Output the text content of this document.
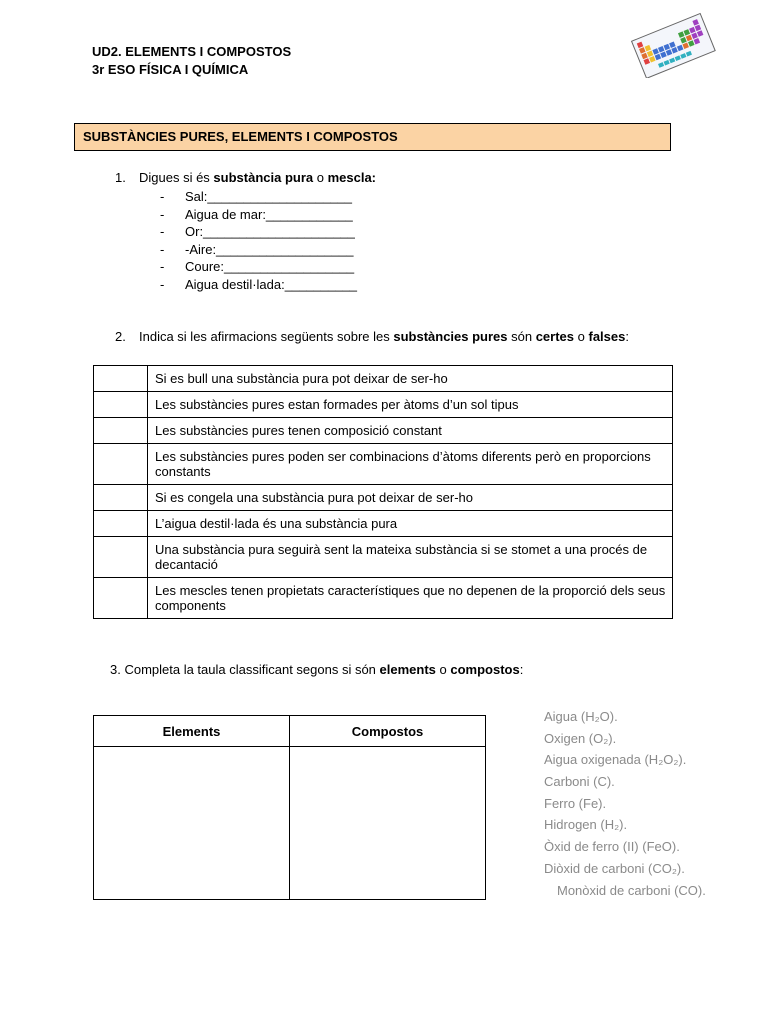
UD2. ELEMENTS I COMPOSTOS
3r ESO FÍSICA I QUÍMICA
SUBSTÀNCIES PURES, ELEMENTS I COMPOSTOS
1. Digues si és substància pura o mescla:
- Sal:____________________
- Aigua de mar:____________
- Or:_____________________
- -Aire:___________________
- Coure:__________________
- Aigua destil·lada:__________
2. Indica si les afirmacions següents sobre les substàncies pures són certes o falses:
	Si es bull una substància pura pot deixar de ser-ho
	Les substàncies pures estan formades per àtoms d’un sol tipus
	Les substàncies pures tenen composició constant
	Les substàncies pures poden ser combinacions d’àtoms diferents però en proporcions constants
	Si es congela una substància pura pot deixar de ser-ho
	L’aigua destil·lada és una substància pura
	Una substància pura seguirà sent la mateixa substància si se stomet a una procés de decantació
	Les mescles tenen propietats característiques que no depenen de la proporció dels seus components
3. Completa la taula classificant segons si són elements o compostos:
Elements	Compostos

Aigua (H₂O).
Oxigen (O₂).
Aigua oxigenada (H₂O₂).
Carboni (C).
Ferro (Fe).
Hidrogen (H₂).
Òxid de ferro (II) (FeO).
Diòxid de carboni (CO₂).
Monòxid de carboni (CO).
